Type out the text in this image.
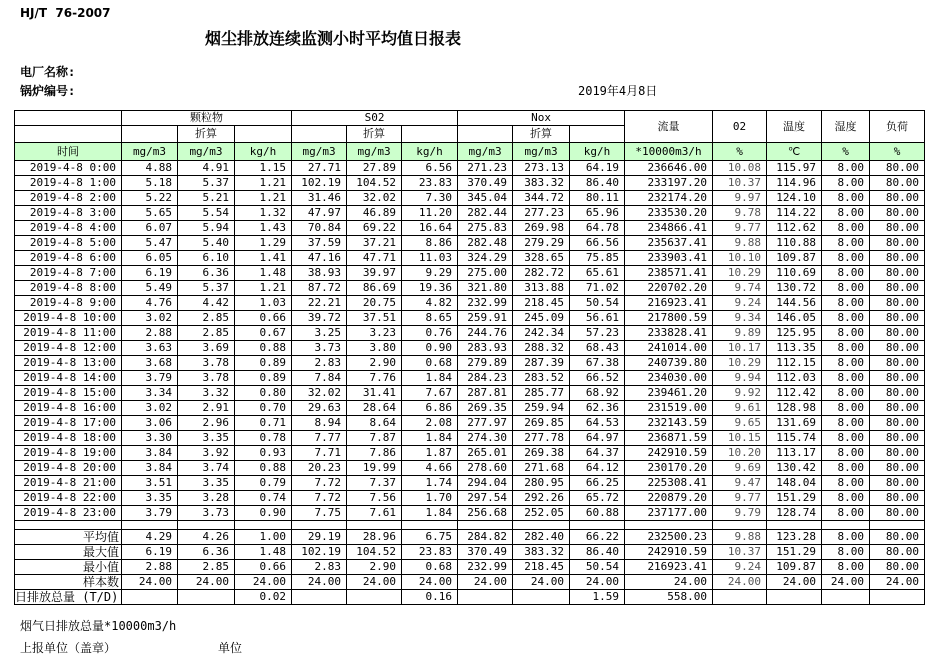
HJ/T  76-2007
烟尘排放连续监测小时平均值日报表
电厂名称:
锅炉编号:	2019年4月8日
	颗粒物			S02			Nox			流量	02	温度	湿度	负荷
		折算			折算			折算						
时间	mg/m3	mg/m3	kg/h	mg/m3	mg/m3	kg/h	mg/m3	mg/m3	kg/h	*10000m3/h	%	℃	%	%
2019-4-8 0:00	4.88	4.91	1.15	27.71	27.89	6.56	271.23	273.13	64.19	236646.00	10.08	115.97	8.00	80.00
2019-4-8 1:00	5.18	5.37	1.21	102.19	104.52	23.83	370.49	383.32	86.40	233197.20	10.37	114.96	8.00	80.00
2019-4-8 2:00	5.22	5.21	1.21	31.46	32.02	7.30	345.04	344.72	80.11	232174.20	9.97	124.10	8.00	80.00
2019-4-8 3:00	5.65	5.54	1.32	47.97	46.89	11.20	282.44	277.23	65.96	233530.20	9.78	114.22	8.00	80.00
2019-4-8 4:00	6.07	5.94	1.43	70.84	69.22	16.64	275.83	269.98	64.78	234866.41	9.77	112.62	8.00	80.00
2019-4-8 5:00	5.47	5.40	1.29	37.59	37.21	8.86	282.48	279.29	66.56	235637.41	9.88	110.88	8.00	80.00
2019-4-8 6:00	6.05	6.10	1.41	47.16	47.71	11.03	324.29	328.65	75.85	233903.41	10.10	109.87	8.00	80.00
2019-4-8 7:00	6.19	6.36	1.48	38.93	39.97	9.29	275.00	282.72	65.61	238571.41	10.29	110.69	8.00	80.00
2019-4-8 8:00	5.49	5.37	1.21	87.72	86.69	19.36	321.80	313.88	71.02	220702.20	9.74	130.72	8.00	80.00
2019-4-8 9:00	4.76	4.42	1.03	22.21	20.75	4.82	232.99	218.45	50.54	216923.41	9.24	144.56	8.00	80.00
2019-4-8 10:00	3.02	2.85	0.66	39.72	37.51	8.65	259.91	245.09	56.61	217800.59	9.34	146.05	8.00	80.00
2019-4-8 11:00	2.88	2.85	0.67	3.25	3.23	0.76	244.76	242.34	57.23	233828.41	9.89	125.95	8.00	80.00
2019-4-8 12:00	3.63	3.69	0.88	3.73	3.80	0.90	283.93	288.32	68.43	241014.00	10.17	113.35	8.00	80.00
2019-4-8 13:00	3.68	3.78	0.89	2.83	2.90	0.68	279.89	287.39	67.38	240739.80	10.29	112.15	8.00	80.00
2019-4-8 14:00	3.79	3.78	0.89	7.84	7.76	1.84	284.23	283.52	66.52	234030.00	9.94	112.03	8.00	80.00
2019-4-8 15:00	3.34	3.32	0.80	32.02	31.41	7.67	287.81	285.77	68.92	239461.20	9.92	112.42	8.00	80.00
2019-4-8 16:00	3.02	2.91	0.70	29.63	28.64	6.86	269.35	259.94	62.36	231519.00	9.61	128.98	8.00	80.00
2019-4-8 17:00	3.06	2.96	0.71	8.94	8.64	2.08	277.97	269.85	64.53	232143.59	9.65	131.69	8.00	80.00
2019-4-8 18:00	3.30	3.35	0.78	7.77	7.87	1.84	274.30	277.78	64.97	236871.59	10.15	115.74	8.00	80.00
2019-4-8 19:00	3.84	3.92	0.93	7.71	7.86	1.87	265.01	269.38	64.37	242910.59	10.20	113.17	8.00	80.00
2019-4-8 20:00	3.84	3.74	0.88	20.23	19.99	4.66	278.60	271.68	64.12	230170.20	9.69	130.42	8.00	80.00
2019-4-8 21:00	3.51	3.35	0.79	7.72	7.37	1.74	294.04	280.95	66.25	225308.41	9.47	148.04	8.00	80.00
2019-4-8 22:00	3.35	3.28	0.74	7.72	7.56	1.70	297.54	292.26	65.72	220879.20	9.77	151.29	8.00	80.00
2019-4-8 23:00	3.79	3.73	0.90	7.75	7.61	1.84	256.68	252.05	60.88	237177.00	9.79	128.74	8.00	80.00

平均值	4.29	4.26	1.00	29.19	28.96	6.75	284.82	282.40	66.22	232500.23	9.88	123.28	8.00	80.00
最大值	6.19	6.36	1.48	102.19	104.52	23.83	370.49	383.32	86.40	242910.59	10.37	151.29	8.00	80.00
最小值	2.88	2.85	0.66	2.83	2.90	0.68	232.99	218.45	50.54	216923.41	9.24	109.87	8.00	80.00
样本数	24.00	24.00	24.00	24.00	24.00	24.00	24.00	24.00	24.00	24.00	24.00	24.00	24.00	24.00
日排放总量 (T/D)			0.02			0.16			1.59	558.00				
烟气日排放总量*10000m3/h
上报单位（盖章）	单位
